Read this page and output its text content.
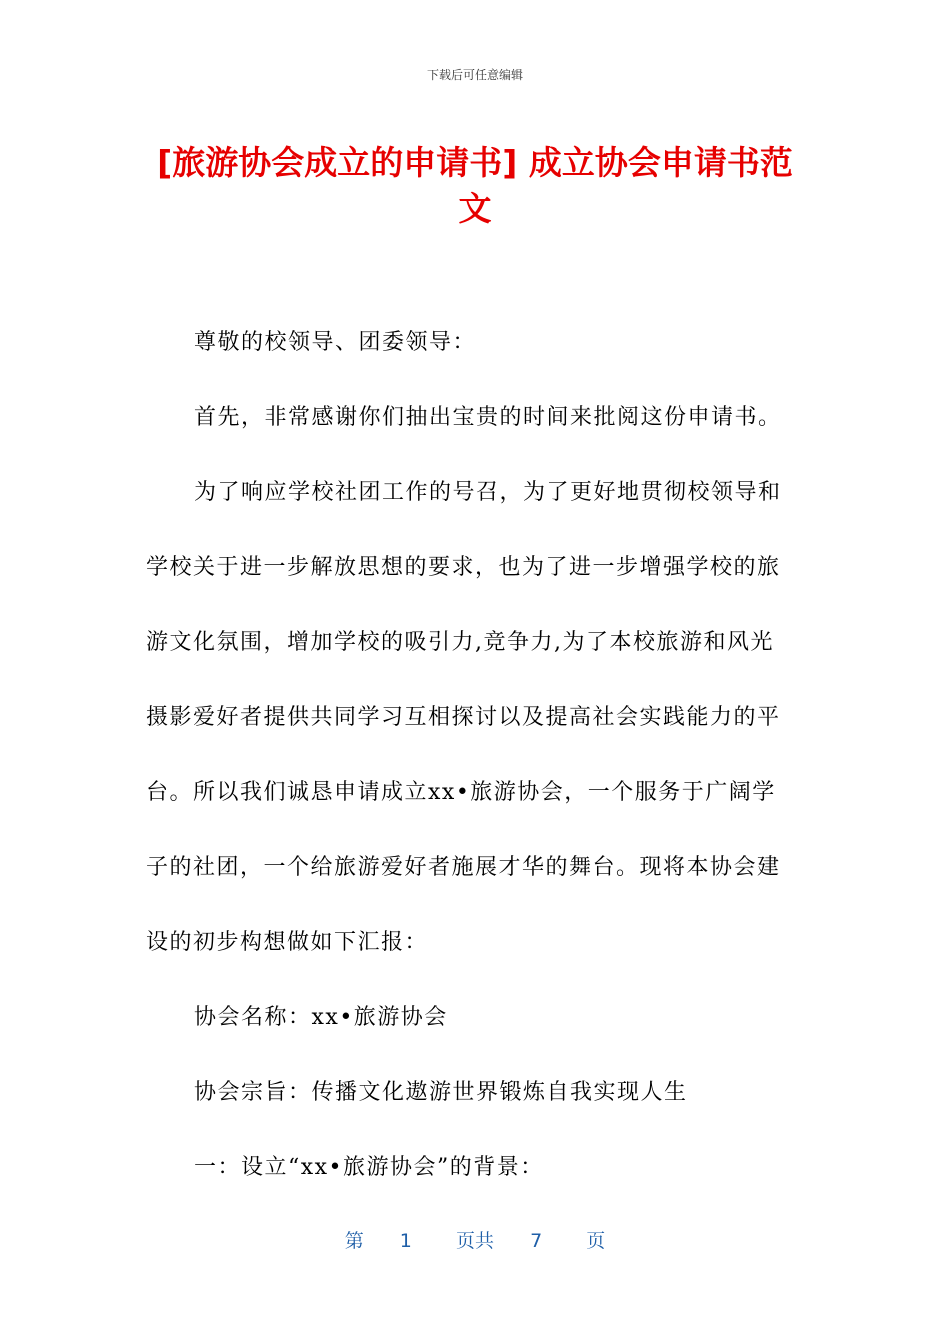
下载后可任意编辑
[旅游协会成立的申请书] 成立协会申请书范
文
尊敬的校领导、团委领导：
首先，非常感谢你们抽出宝贵的时间来批阅这份申请书。
为了响应学校社团工作的号召，为了更好地贯彻校领导和
学校关于进一步解放思想的要求，也为了进一步增强学校的旅
游文化氛围，增加学校的吸引力,竞争力,为了本校旅游和风光
摄影爱好者提供共同学习互相探讨以及提高社会实践能力的平
台。所以我们诚恳申请成立xx•旅游协会，一个服务于广阔学
子的社团，一个给旅游爱好者施展才华的舞台。现将本协会建
设的初步构想做如下汇报：
协会名称：xx•旅游协会
协会宗旨：传播文化遨游世界锻炼自我实现人生
一：设立“xx•旅游协会”的背景：
第 1 页共 7 页
